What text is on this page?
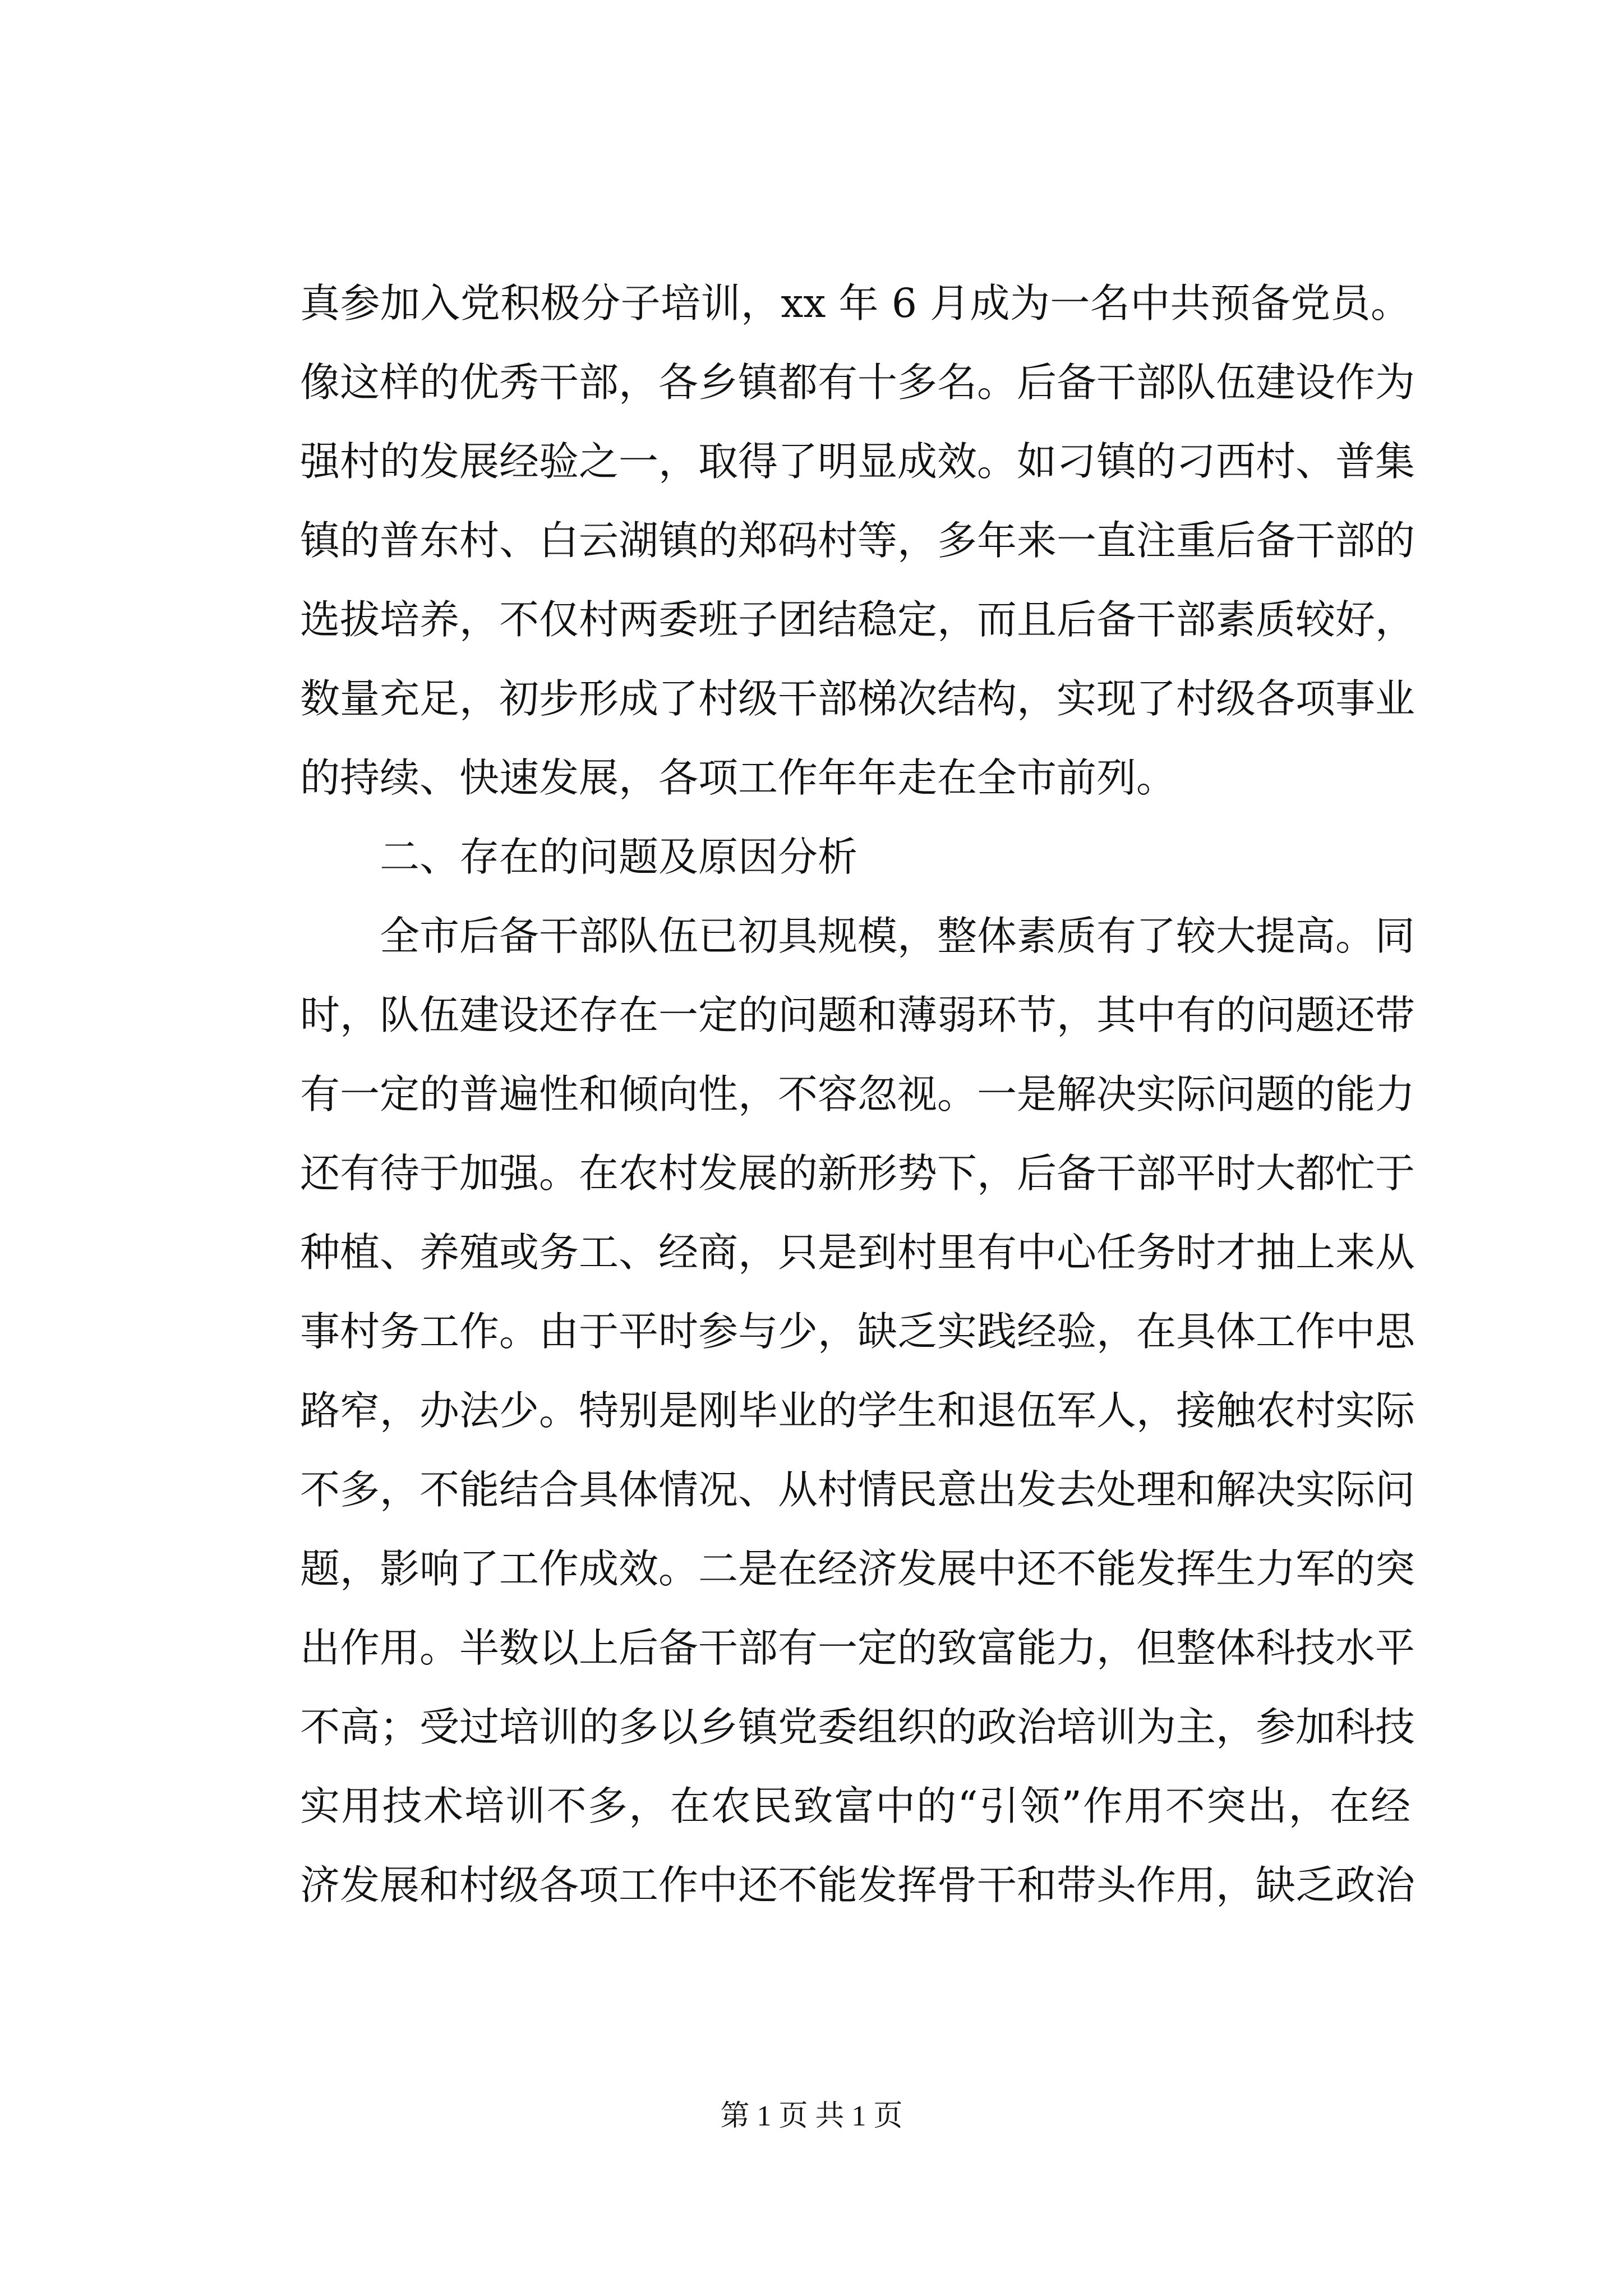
真参加入党积极分子培训，xx 年 6 月成为一名中共预备党员。
像这样的优秀干部，各乡镇都有十多名。后备干部队伍建设作为
强村的发展经验之一，取得了明显成效。如刁镇的刁西村、普集
镇的普东村、白云湖镇的郑码村等，多年来一直注重后备干部的
选拔培养，不仅村两委班子团结稳定，而且后备干部素质较好，
数量充足，初步形成了村级干部梯次结构，实现了村级各项事业
的持续、快速发展，各项工作年年走在全市前列。
　　二、存在的问题及原因分析
　　全市后备干部队伍已初具规模，整体素质有了较大提高。同
时，队伍建设还存在一定的问题和薄弱环节，其中有的问题还带
有一定的普遍性和倾向性，不容忽视。一是解决实际问题的能力
还有待于加强。在农村发展的新形势下，后备干部平时大都忙于
种植、养殖或务工、经商，只是到村里有中心任务时才抽上来从
事村务工作。由于平时参与少，缺乏实践经验，在具体工作中思
路窄，办法少。特别是刚毕业的学生和退伍军人，接触农村实际
不多，不能结合具体情况、从村情民意出发去处理和解决实际问
题，影响了工作成效。二是在经济发展中还不能发挥生力军的突
出作用。半数以上后备干部有一定的致富能力，但整体科技水平
不高；受过培训的多以乡镇党委组织的政治培训为主，参加科技
实用技术培训不多，在农民致富中的“引领”作用不突出，在经
济发展和村级各项工作中还不能发挥骨干和带头作用，缺乏政治
第 1 页 共 1 页
